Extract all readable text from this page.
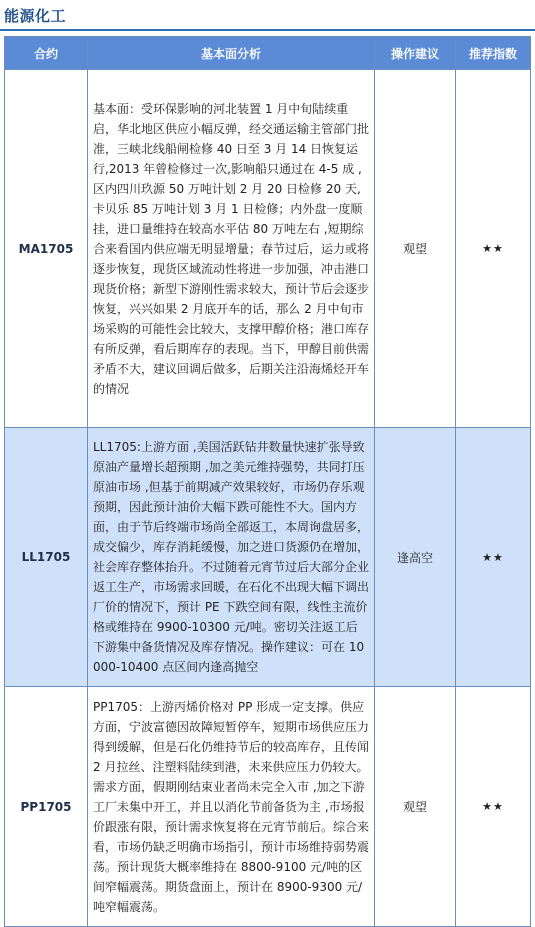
能源化工
合约	基本面分析	操作建议	推荐指数
MA1705	基本面：受环保影响的河北装置 1 月中旬陆续重启，华北地区供应小幅反弹，经交通运输主管部门批准，三峡北线船闸检修 40 日至 3 月 14 日恢复运行,2013 年曾检修过一次,影响船只通过在 4-5 成 ,区内四川玖源 50 万吨计划 2 月 20 日检修 20 天,卡贝乐 85 万吨计划 3 月 1 日检修；内外盘一度顺挂，进口量维持在较高水平估 80 万吨左右 ,短期综合来看国内供应端无明显增量；春节过后，运力或将逐步恢复，现货区域流动性将进一步加强，冲击港口现货价格；新型下游刚性需求较大，预计节后会逐步恢复，兴兴如果 2 月底开车的话，那么 2 月中旬市场采购的可能性会比较大，支撑甲醇价格；港口库存有所反弹，看后期库存的表现。当下，甲醇目前供需矛盾不大，建议回调后做多，后期关注沿海烯烃开车的情况	观望	★★
LL1705	LL1705:上游方面 ,美国活跃钻井数量快速扩张导致原油产量增长超预期 ,加之美元维持强势，共同打压原油市场 ,但基于前期减产效果较好，市场仍存乐观预期，因此预计油价大幅下跌可能性不大。国内方面，由于节后终端市场尚全部返工，本周询盘居多，成交偏少，库存消耗缓慢，加之进口货源仍在增加，社会库存整体抬升。不过随着元宵节过后大部分企业返工生产，市场需求回暖，在石化不出现大幅下调出厂价的情况下，预计 PE 下跌空间有限，线性主流价格或维持在 9900-10300 元/吨。密切关注返工后下游集中备货情况及库存情况。操作建议：可在 10000-10400 点区间内逢高抛空	逢高空	★★
PP1705	PP1705：上游丙烯价格对 PP 形成一定支撑。供应方面，宁波富德因故障短暂停车，短期市场供应压力得到缓解，但是石化仍维持节后的较高库存，且传闻 2 月拉丝、注塑料陆续到港，未来供应压力仍较大。需求方面，假期刚结束业者尚未完全入市 ,加之下游工厂未集中开工，并且以消化节前备货为主 ,市场报价跟涨有限，预计需求恢复将在元宵节前后。综合来看，市场仍缺乏明确市场指引，预计市场维持弱势震荡。预计现货大概率维持在 8800-9100 元/吨的区间窄幅震荡。期货盘面上，预计在 8900-9300 元/吨窄幅震荡。	观望	★★
